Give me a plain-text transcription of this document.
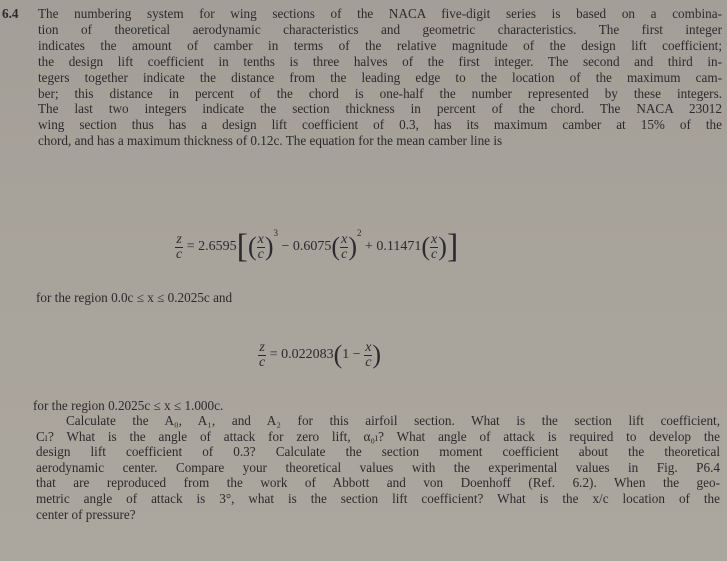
6.4 The numbering system for wing sections of the NACA five-digit series is based on a combina-
tion of theoretical aerodynamic characteristics and geometric characteristics. The first integer
indicates the amount of camber in terms of the relative magnitude of the design lift coefficient;
the design lift coefficient in tenths is three halves of the first integer. The second and third in-
tegers together indicate the distance from the leading edge to the location of the maximum cam-
ber; this distance in percent of the chord is one-half the number represented by these integers.
The last two integers indicate the section thickness in percent of the chord. The NACA 23012
wing section thus has a design lift coefficient of 0.3, has its maximum camber at 15% of the
chord, and has a maximum thickness of 0.12c. The equation for the mean camber line is
$\frac{z}{c} = 2.6595[( \frac{x}{c} )^3 - 0.6075( \frac{x}{c} )^2 + 0.11471( \frac{x}{c}$ )]
for the region 0.0c ≤ x ≤ 0.2025c and
$\frac{z}{c} = 0.022083(1 - \frac{x}{c}$ )
for the region 0.2025c ≤ x ≤ 1.000c.
Calculate the A₀, A₁, and A₂ for this airfoil section. What is the section lift coefficient,
Cₗ? What is the angle of attack for zero lift, α₀ₗ? What angle of attack is required to develop the
design lift coefficient of 0.3? Calculate the section moment coefficient about the theoretical
aerodynamic center. Compare your theoretical values with the experimental values in Fig. P6.4
that are reproduced from the work of Abbott and von Doenhoff (Ref. 6.2). When the geo-
metric angle of attack is 3°, what is the section lift coefficient? What is the x/c location of the
center of pressure?
